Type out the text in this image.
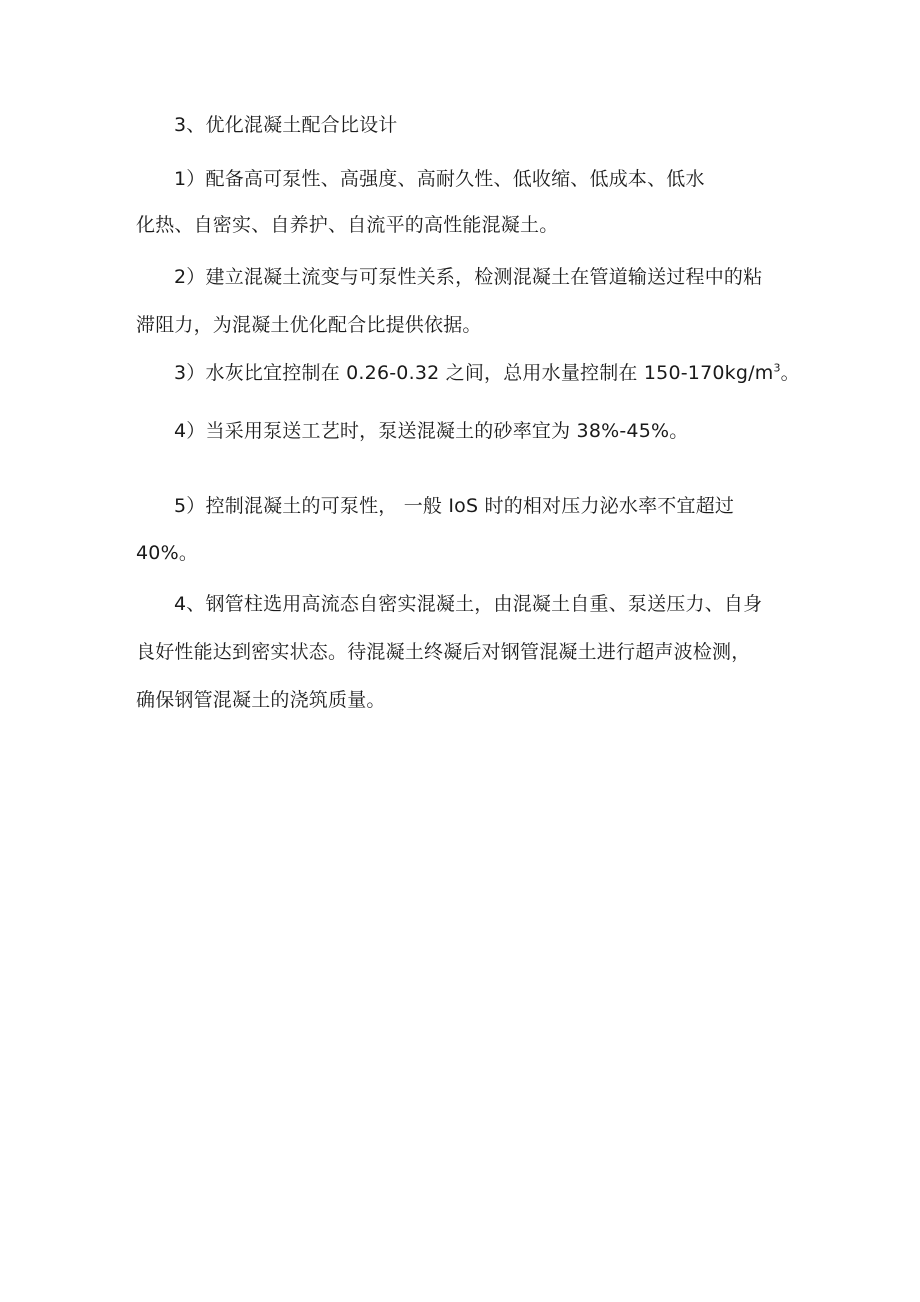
3、优化混凝土配合比设计
1）配备高可泵性、高强度、高耐久性、低收缩、低成本、低水
化热、自密实、自养护、自流平的高性能混凝土。
2）建立混凝土流变与可泵性关系，检测混凝土在管道输送过程中的粘
滞阻力，为混凝土优化配合比提供依据。
3）水灰比宜控制在 0.26-0.32 之间，总用水量控制在 $150-170kg/m^3$。
4）当采用泵送工艺时，泵送混凝土的砂率宜为 38%-45%。
5）控制混凝土的可泵性， 一般 IoS 时的相对压力泌水率不宜超过
40%。
4、钢管柱选用高流态自密实混凝土，由混凝土自重、泵送压力、自身
良好性能达到密实状态。待混凝土终凝后对钢管混凝土进行超声波检测，
确保钢管混凝土的浇筑质量。
